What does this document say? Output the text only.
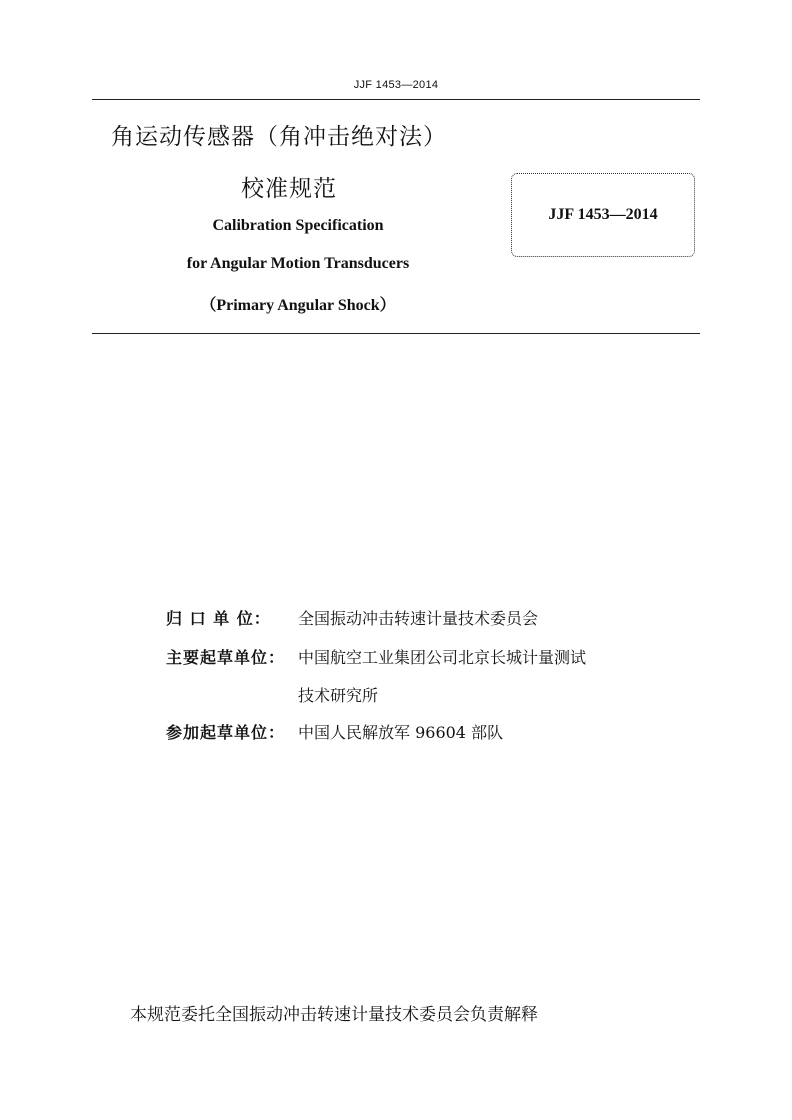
JJF 1453—2014
角运动传感器（角冲击绝对法）
校准规范
Calibration Specification
for Angular Motion Transducers
（Primary Angular Shock）
JJF 1453—2014
归 口 单 位：	全国振动冲击转速计量技术委员会
主要起草单位： 中国航空工业集团公司北京长城计量测试
技术研究所
参加起草单位： 中国人民解放军 96604 部队
本规范委托全国振动冲击转速计量技术委员会负责解释
